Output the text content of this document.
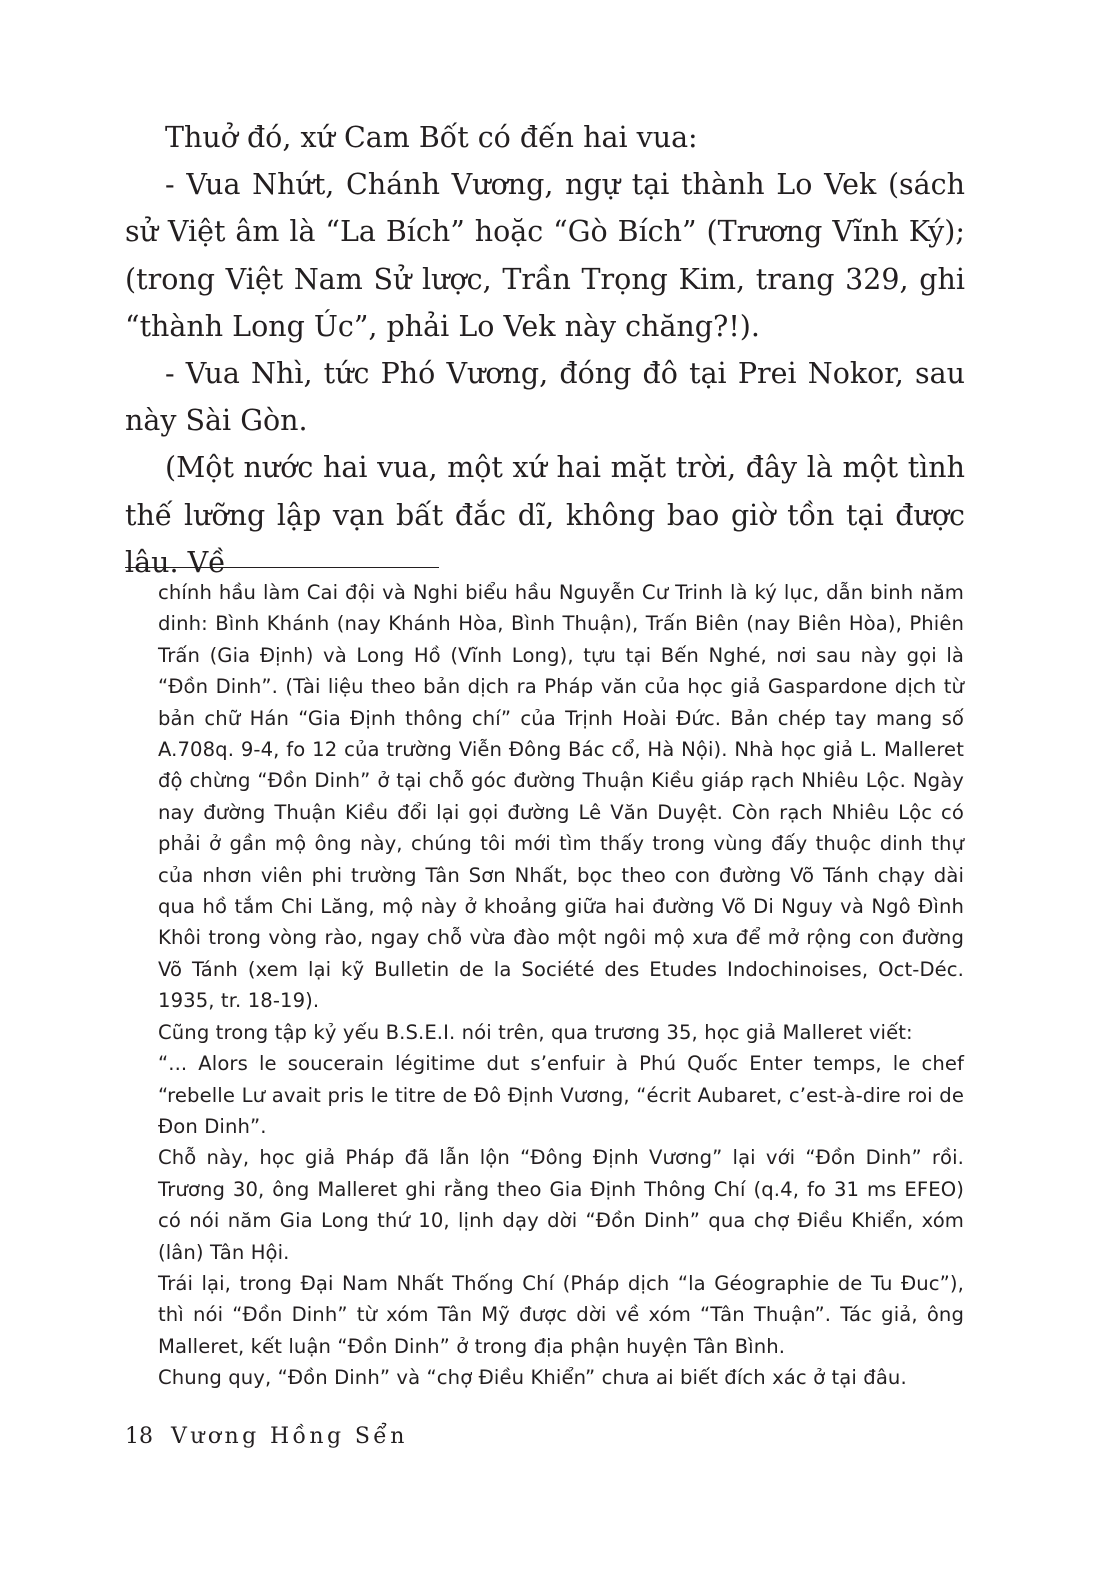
Thuở đó, xứ Cam Bốt có đến hai vua:

- Vua Nhứt, Chánh Vương, ngự tại thành Lo Vek (sách sử Việt âm là “La Bích” hoặc “Gò Bích” (Trương Vĩnh Ký); (trong Việt Nam Sử lược, Trần Trọng Kim, trang 329, ghi “thành Long Úc”, phải Lo Vek này chăng?!).

- Vua Nhì, tức Phó Vương, đóng đô tại Prei Nokor, sau này Sài Gòn.

(Một nước hai vua, một xứ hai mặt trời, đây là một tình thế lưỡng lập vạn bất đắc dĩ, không bao giờ tồn tại được lâu. Về

chính hầu làm Cai đội và Nghi biểu hầu Nguyễn Cư Trinh là ký lục, dẫn binh năm dinh: Bình Khánh (nay Khánh Hòa, Bình Thuận), Trấn Biên (nay Biên Hòa), Phiên Trấn (Gia Định) và Long Hồ (Vĩnh Long), tựu tại Bến Nghé, nơi sau này gọi là “Đồn Dinh”. (Tài liệu theo bản dịch ra Pháp văn của học giả Gaspardone dịch từ bản chữ Hán “Gia Định thông chí” của Trịnh Hoài Đức. Bản chép tay mang số A.708q. 9-4, fo 12 của trường Viễn Đông Bác cổ, Hà Nội). Nhà học giả L. Malleret độ chừng “Đồn Dinh” ở tại chỗ góc đường Thuận Kiều giáp rạch Nhiêu Lộc. Ngày nay đường Thuận Kiều đổi lại gọi đường Lê Văn Duyệt. Còn rạch Nhiêu Lộc có phải ở gần mộ ông này, chúng tôi mới tìm thấy trong vùng đấy thuộc dinh thự của nhơn viên phi trường Tân Sơn Nhất, bọc theo con đường Võ Tánh chạy dài qua hồ tắm Chi Lăng, mộ này ở khoảng giữa hai đường Võ Di Nguy và Ngô Đình Khôi trong vòng rào, ngay chỗ vừa đào một ngôi mộ xưa để mở rộng con đường Võ Tánh (xem lại kỹ Bulletin de la Société des Etudes Indochinoises, Oct-Déc. 1935, tr. 18-19).

Cũng trong tập kỷ yếu B.S.E.I. nói trên, qua trương 35, học giả Malleret viết:

“... Alors le soucerain légitime dut s’enfuir à Phú Quốc Enter temps, le chef “rebelle Lư avait pris le titre de Đô Định Vương, “écrit Aubaret, c’est-à-dire roi de Đon Dinh”.

Chỗ này, học giả Pháp đã lẫn lộn “Đông Định Vương” lại với “Đồn Dinh” rồi. Trương 30, ông Malleret ghi rằng theo Gia Định Thông Chí (q.4, fo 31 ms EFEO) có nói năm Gia Long thứ 10, lịnh dạy dời “Đồn Dinh” qua chợ Điều Khiển, xóm (lân) Tân Hội.

Trái lại, trong Đại Nam Nhất Thống Chí (Pháp dịch “la Géographie de Tu Đuc”), thì nói “Đồn Dinh” từ xóm Tân Mỹ được dời về xóm “Tân Thuận”. Tác giả, ông Malleret, kết luận “Đồn Dinh” ở trong địa phận huyện Tân Bình.

Chung quy, “Đồn Dinh” và “chợ Điều Khiển” chưa ai biết đích xác ở tại đâu.

18 Vương Hồng Sển
